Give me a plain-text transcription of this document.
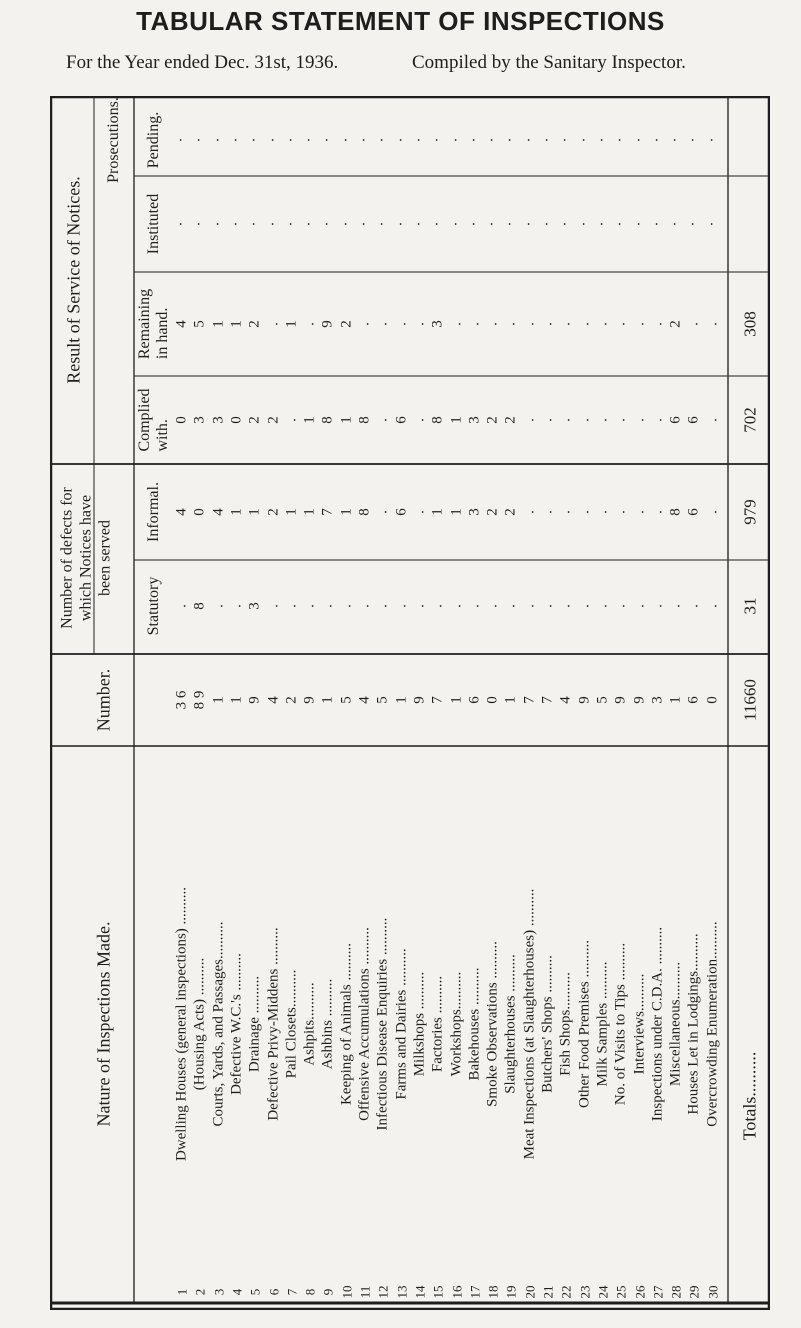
TABULAR STATEMENT OF INSPECTIONS
For the Year ended Dec. 31st, 1936.	Compiled by the Sanitary Inspector.
Result of Service of Notices.
Prosecutions. Pending.
Instituted
Remaining
in hand.
Complied
with.
Number of defects for which Notices have been served
Informal.
Statutory
Number.
Nature of Inspections Made.	Dwelling Houses (general inspections) .......... (Housing Acts) .......... Courts, Yards, and Passages.......... Defective W.C.'s .......... Drainage .......... Defective Privy-Middens .......... Pail Closets.......... Ashpits.......... Ashbins .......... Keeping of Animals .......... Offensive Accumulations .......... Infectious Disease Enquiries .......... Farms and Dairies .......... Milkshops .......... Factories .......... Workshops.......... Bakehouses .......... Smoke Observations .......... Slaughterhouses .......... Meat Inspections (at Slaughterhouses) .......... Butchers' Shops .......... Fish Shops.......... Other Food Premises .......... Milk Samples .......... No. of Visits to Tips .......... Interviews.......... Inspections under C.D.A. .......... Miscellaneous.......... Houses Let in Lodgings.......... Overcrowding Enumeration..........
1 2 3 4 5 6 7 8 9 10 11 12 13 14 15 16 17 18 19 20 21 22 23 24 25 26 27 28 29 30
3 6
.
4
0
4
·
·
8 9
8
0
3
5
·
·
1
.
4
3
1
·
·
1
.
1
0
1
·
·
9
3
1
2
2
·
·
4
.
2
2
.
·
·
2
.
1
.
1
·
·
9
.
1
1
.
·
·
1
.
7
8
9
·
·
5
.
1
1
2
·
·
4
.
8
8
.
·
·
5
.
.
.
.
·
·
1
.
6
6
.
·
·
9
.
.
.
.
·
·
7
.
1
8
3
·
·
1
.
1
1
.
·
·
6
.
3
3
.
·
·
0
.
2
2
.
·
·
1
.
2
2
.
·
·
7
.
.
.
.
·
·
7
.
.
.
.
·
·
4
.
.
.
.
·
·
9
.
.
.
.
·
·
5
.
.
.
.
·
·
9
.
.
.
.
·
·
9
.
.
.
.
·
·
3
.
.
.
.
·
·
1
.
8
6
2
·
·
6
.
6
6
.
·
·
0
.
.
.
.
·
·
Totals..........
11660
31
979
702
308
